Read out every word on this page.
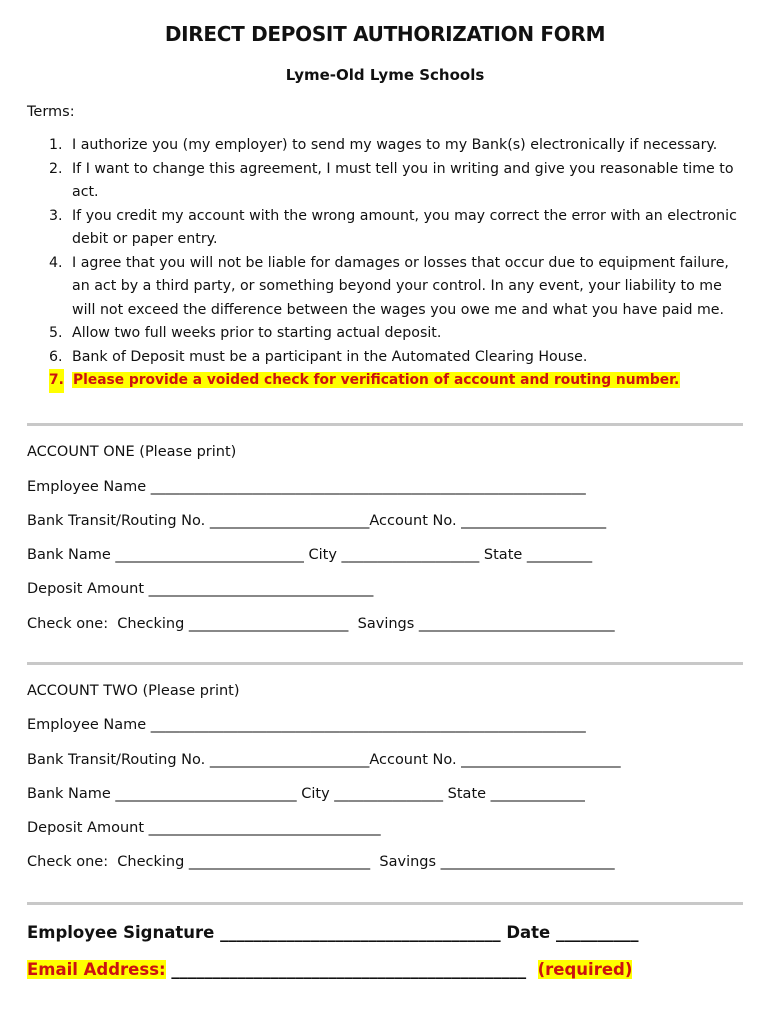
DIRECT DEPOSIT AUTHORIZATION FORM
Lyme-Old Lyme Schools
Terms:
1. I authorize you (my employer) to send my wages to my Bank(s) electronically if necessary.
2. If I want to change this agreement, I must tell you in writing and give you reasonable time to act.
3. If you credit my account with the wrong amount, you may correct the error with an electronic debit or paper entry.
4. I agree that you will not be liable for damages or losses that occur due to equipment failure, an act by a third party, or something beyond your control. In any event, your liability to me will not exceed the difference between the wages you owe me and what you have paid me.
5. Allow two full weeks prior to starting actual deposit.
6. Bank of Deposit must be a participant in the Automated Clearing House.
7. Please provide a voided check for verification of account and routing number.
ACCOUNT ONE (Please print)
Employee Name ____________________________________________________________
Bank Transit/Routing No. ______________________Account No. ____________________
Bank Name __________________________ City ___________________ State _________
Deposit Amount _______________________________
Check one:  Checking ______________________  Savings ___________________________
ACCOUNT TWO (Please print)
Employee Name ____________________________________________________________
Bank Transit/Routing No. ______________________Account No. ______________________
Bank Name _________________________ City _______________ State _____________
Deposit Amount ________________________________
Check one:  Checking _________________________  Savings ________________________
Employee Signature __________________________________ Date __________
Email Address: ___________________________________________ (required)
